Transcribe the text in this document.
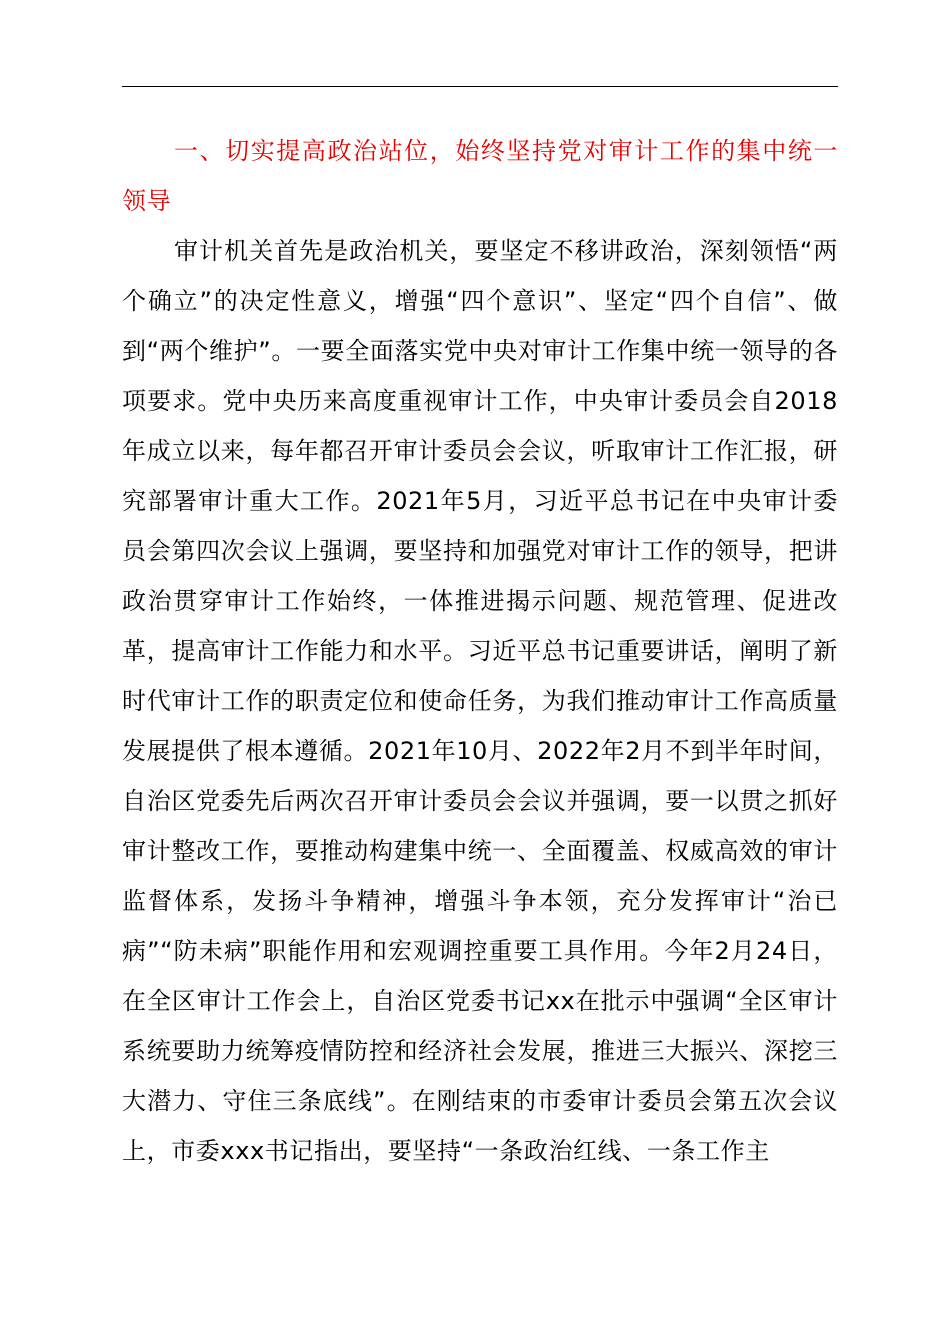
一、切实提高政治站位，始终坚持党对审计工作的集中统一领导

审计机关首先是政治机关，要坚定不移讲政治，深刻领悟“两个确立”的决定性意义，增强“四个意识”、坚定“四个自信”、做到“两个维护”。一要全面落实党中央对审计工作集中统一领导的各项要求。党中央历来高度重视审计工作，中央审计委员会自2018年成立以来，每年都召开审计委员会会议，听取审计工作汇报，研究部署审计重大工作。2021年5月，习近平总书记在中央审计委员会第四次会议上强调，要坚持和加强党对审计工作的领导，把讲政治贯穿审计工作始终，一体推进揭示问题、规范管理、促进改革，提高审计工作能力和水平。习近平总书记重要讲话，阐明了新时代审计工作的职责定位和使命任务，为我们推动审计工作高质量发展提供了根本遵循。2021年10月、2022年2月不到半年时间，自治区党委先后两次召开审计委员会会议并强调，要一以贯之抓好审计整改工作，要推动构建集中统一、全面覆盖、权威高效的审计监督体系，发扬斗争精神，增强斗争本领，充分发挥审计“治已病”“防未病”职能作用和宏观调控重要工具作用。今年2月24日，在全区审计工作会上，自治区党委书记xx在批示中强调“全区审计系统要助力统筹疫情防控和经济社会发展，推进三大振兴、深挖三大潜力、守住三条底线”。在刚结束的市委审计委员会第五次会议上，市委xxx书记指出，要坚持“一条政治红线、一条工作主
